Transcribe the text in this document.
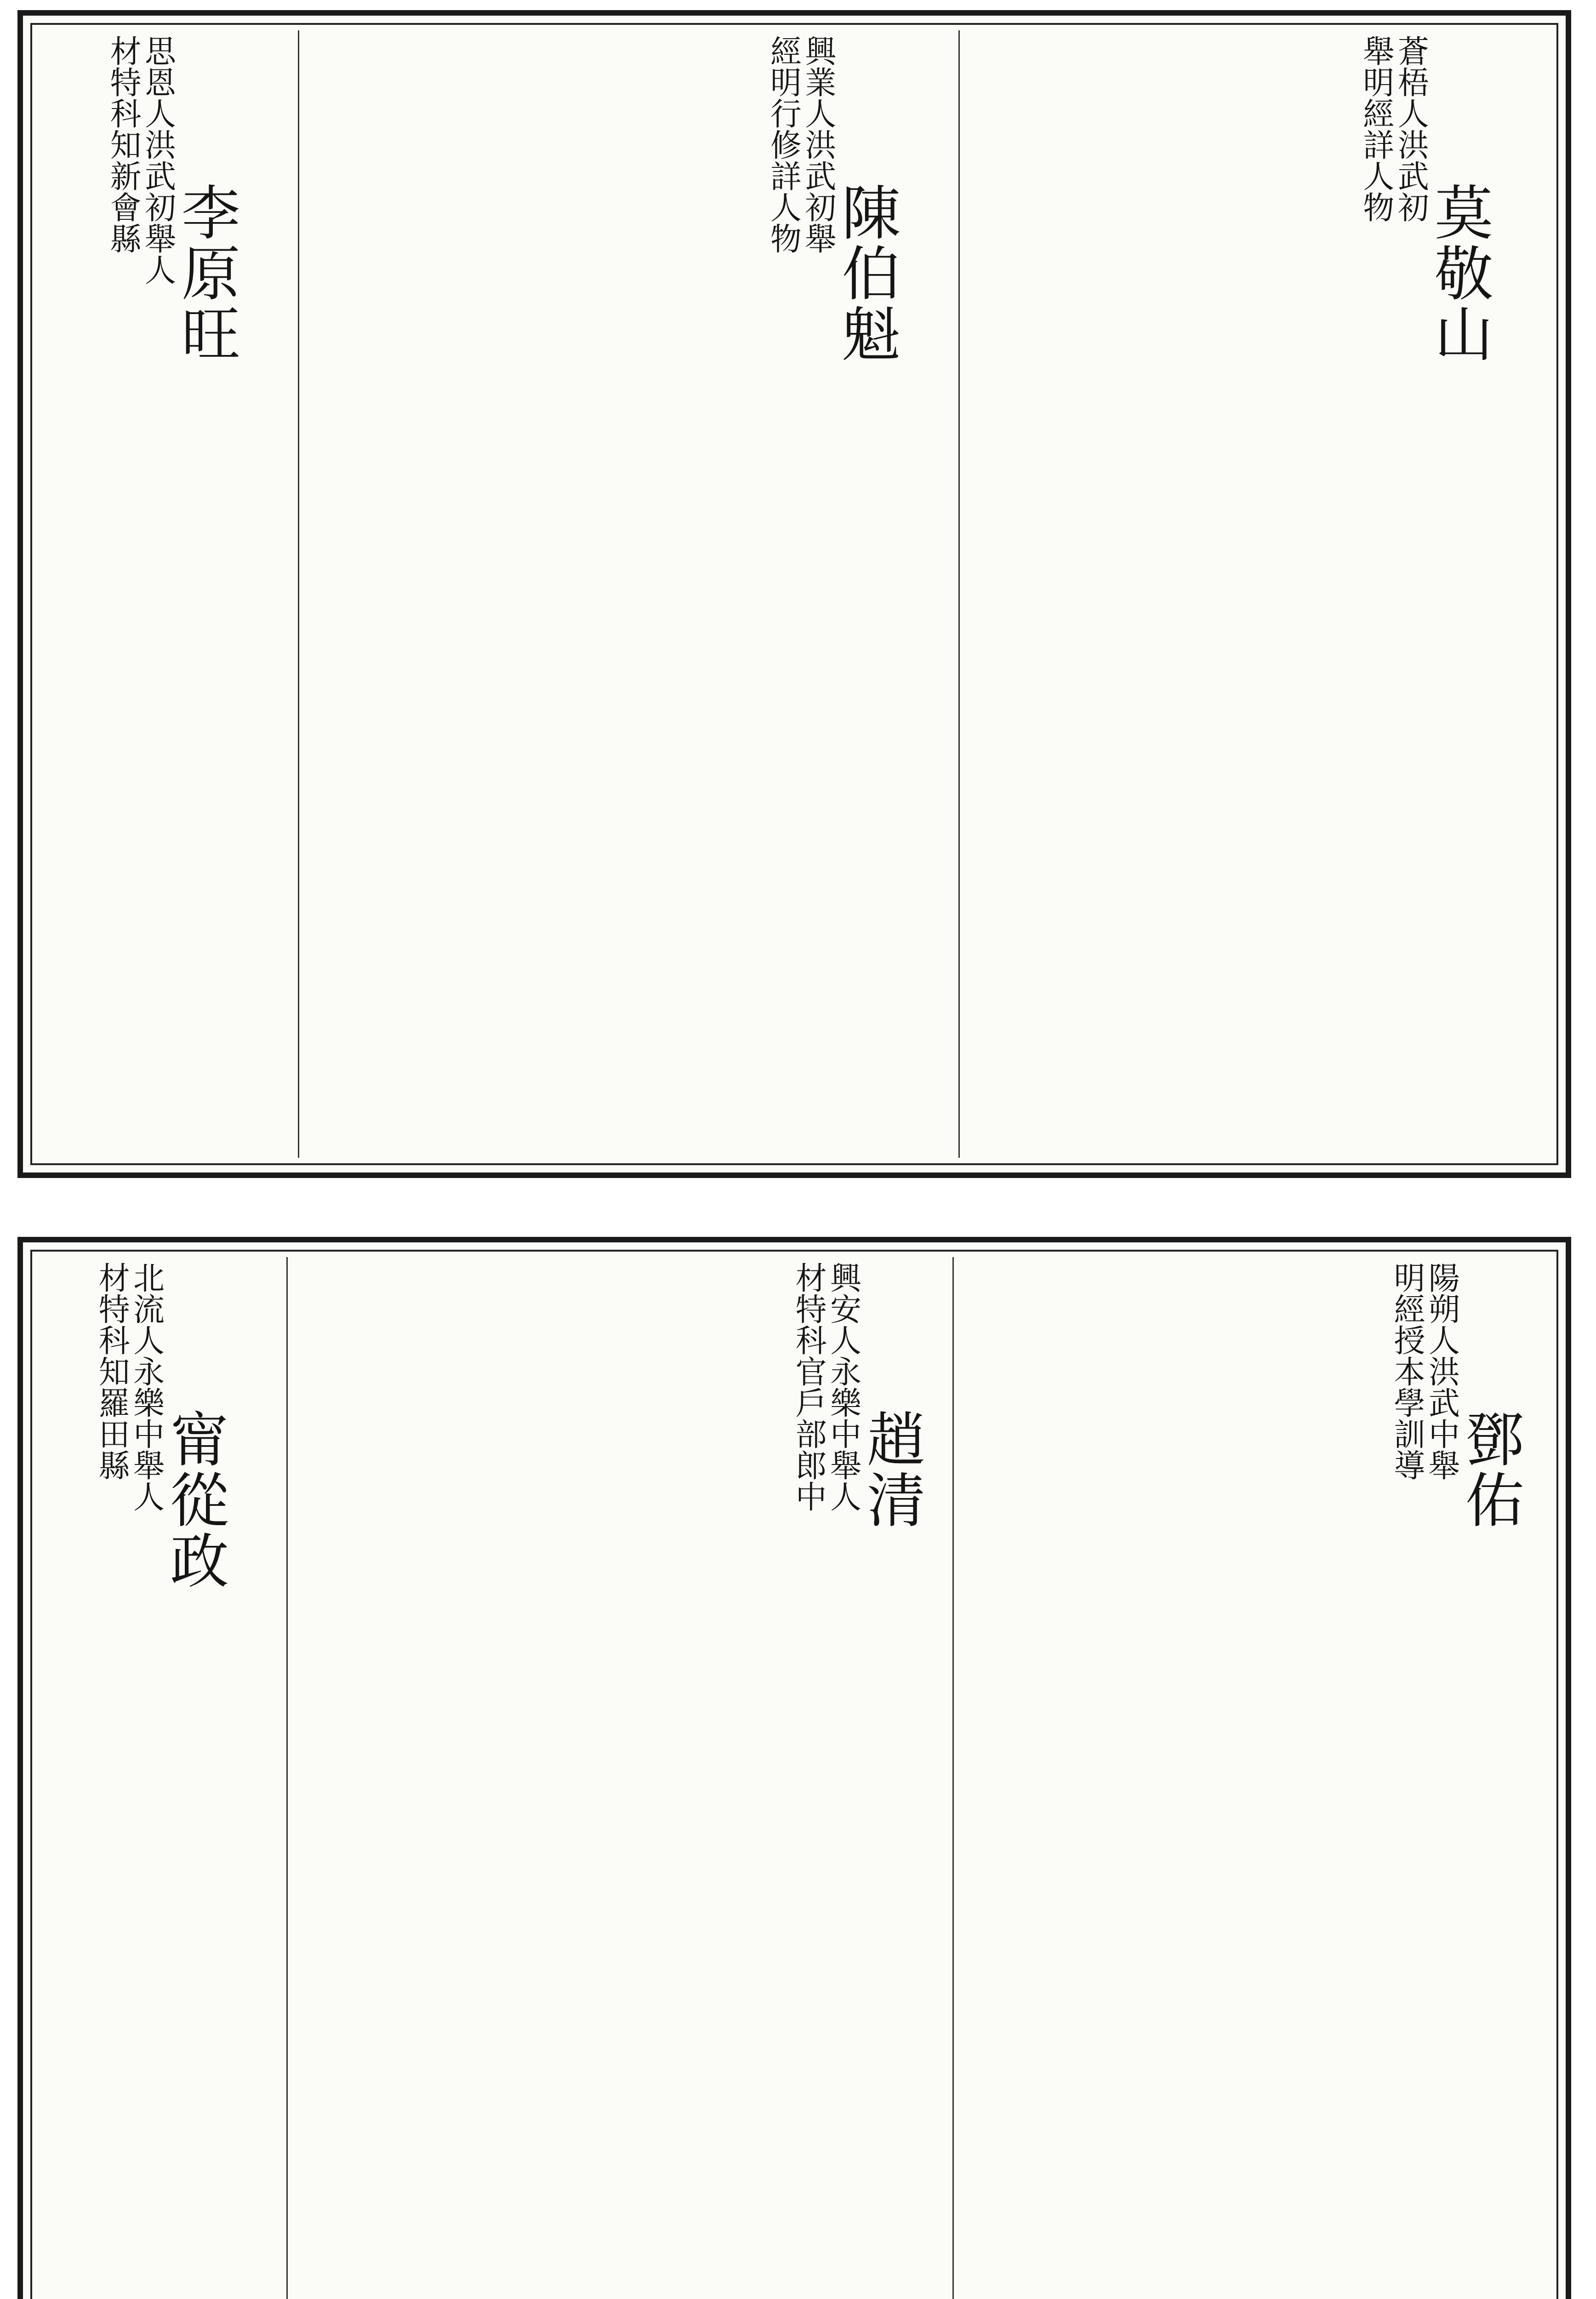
莫敬山
蒼梧人洪武初
舉明經詳人物
陳伯魁
興業人洪武初舉
經明行修詳人物
李原旺
思恩人洪武初舉人
材特科知新會縣
鄧佑
陽朔人洪武中舉
明經授本學訓導
趙清
興安人永樂中舉人
材特科官戶部郎中
甯從政
北流人永樂中舉人
材特科知羅田縣
